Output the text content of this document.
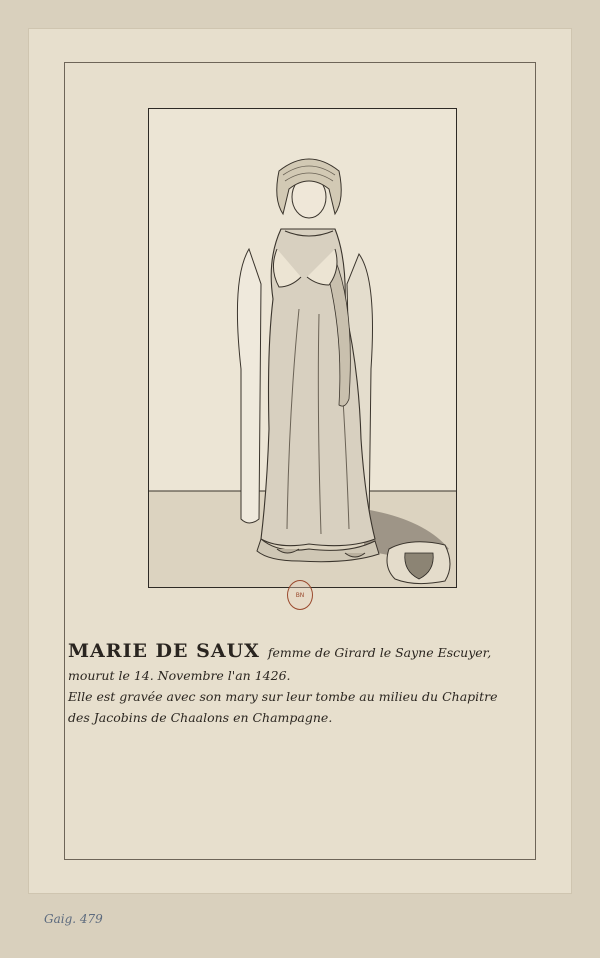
BN
MARIE DE SAUX femme de Girard le Sayne Escuyer,
mourut le 14. Novembre l'an 1426.
Elle est gravée avec son mary sur leur tombe au milieu du Chapitre
des Jacobins de Chaalons en Champagne.
Gaig. 479
